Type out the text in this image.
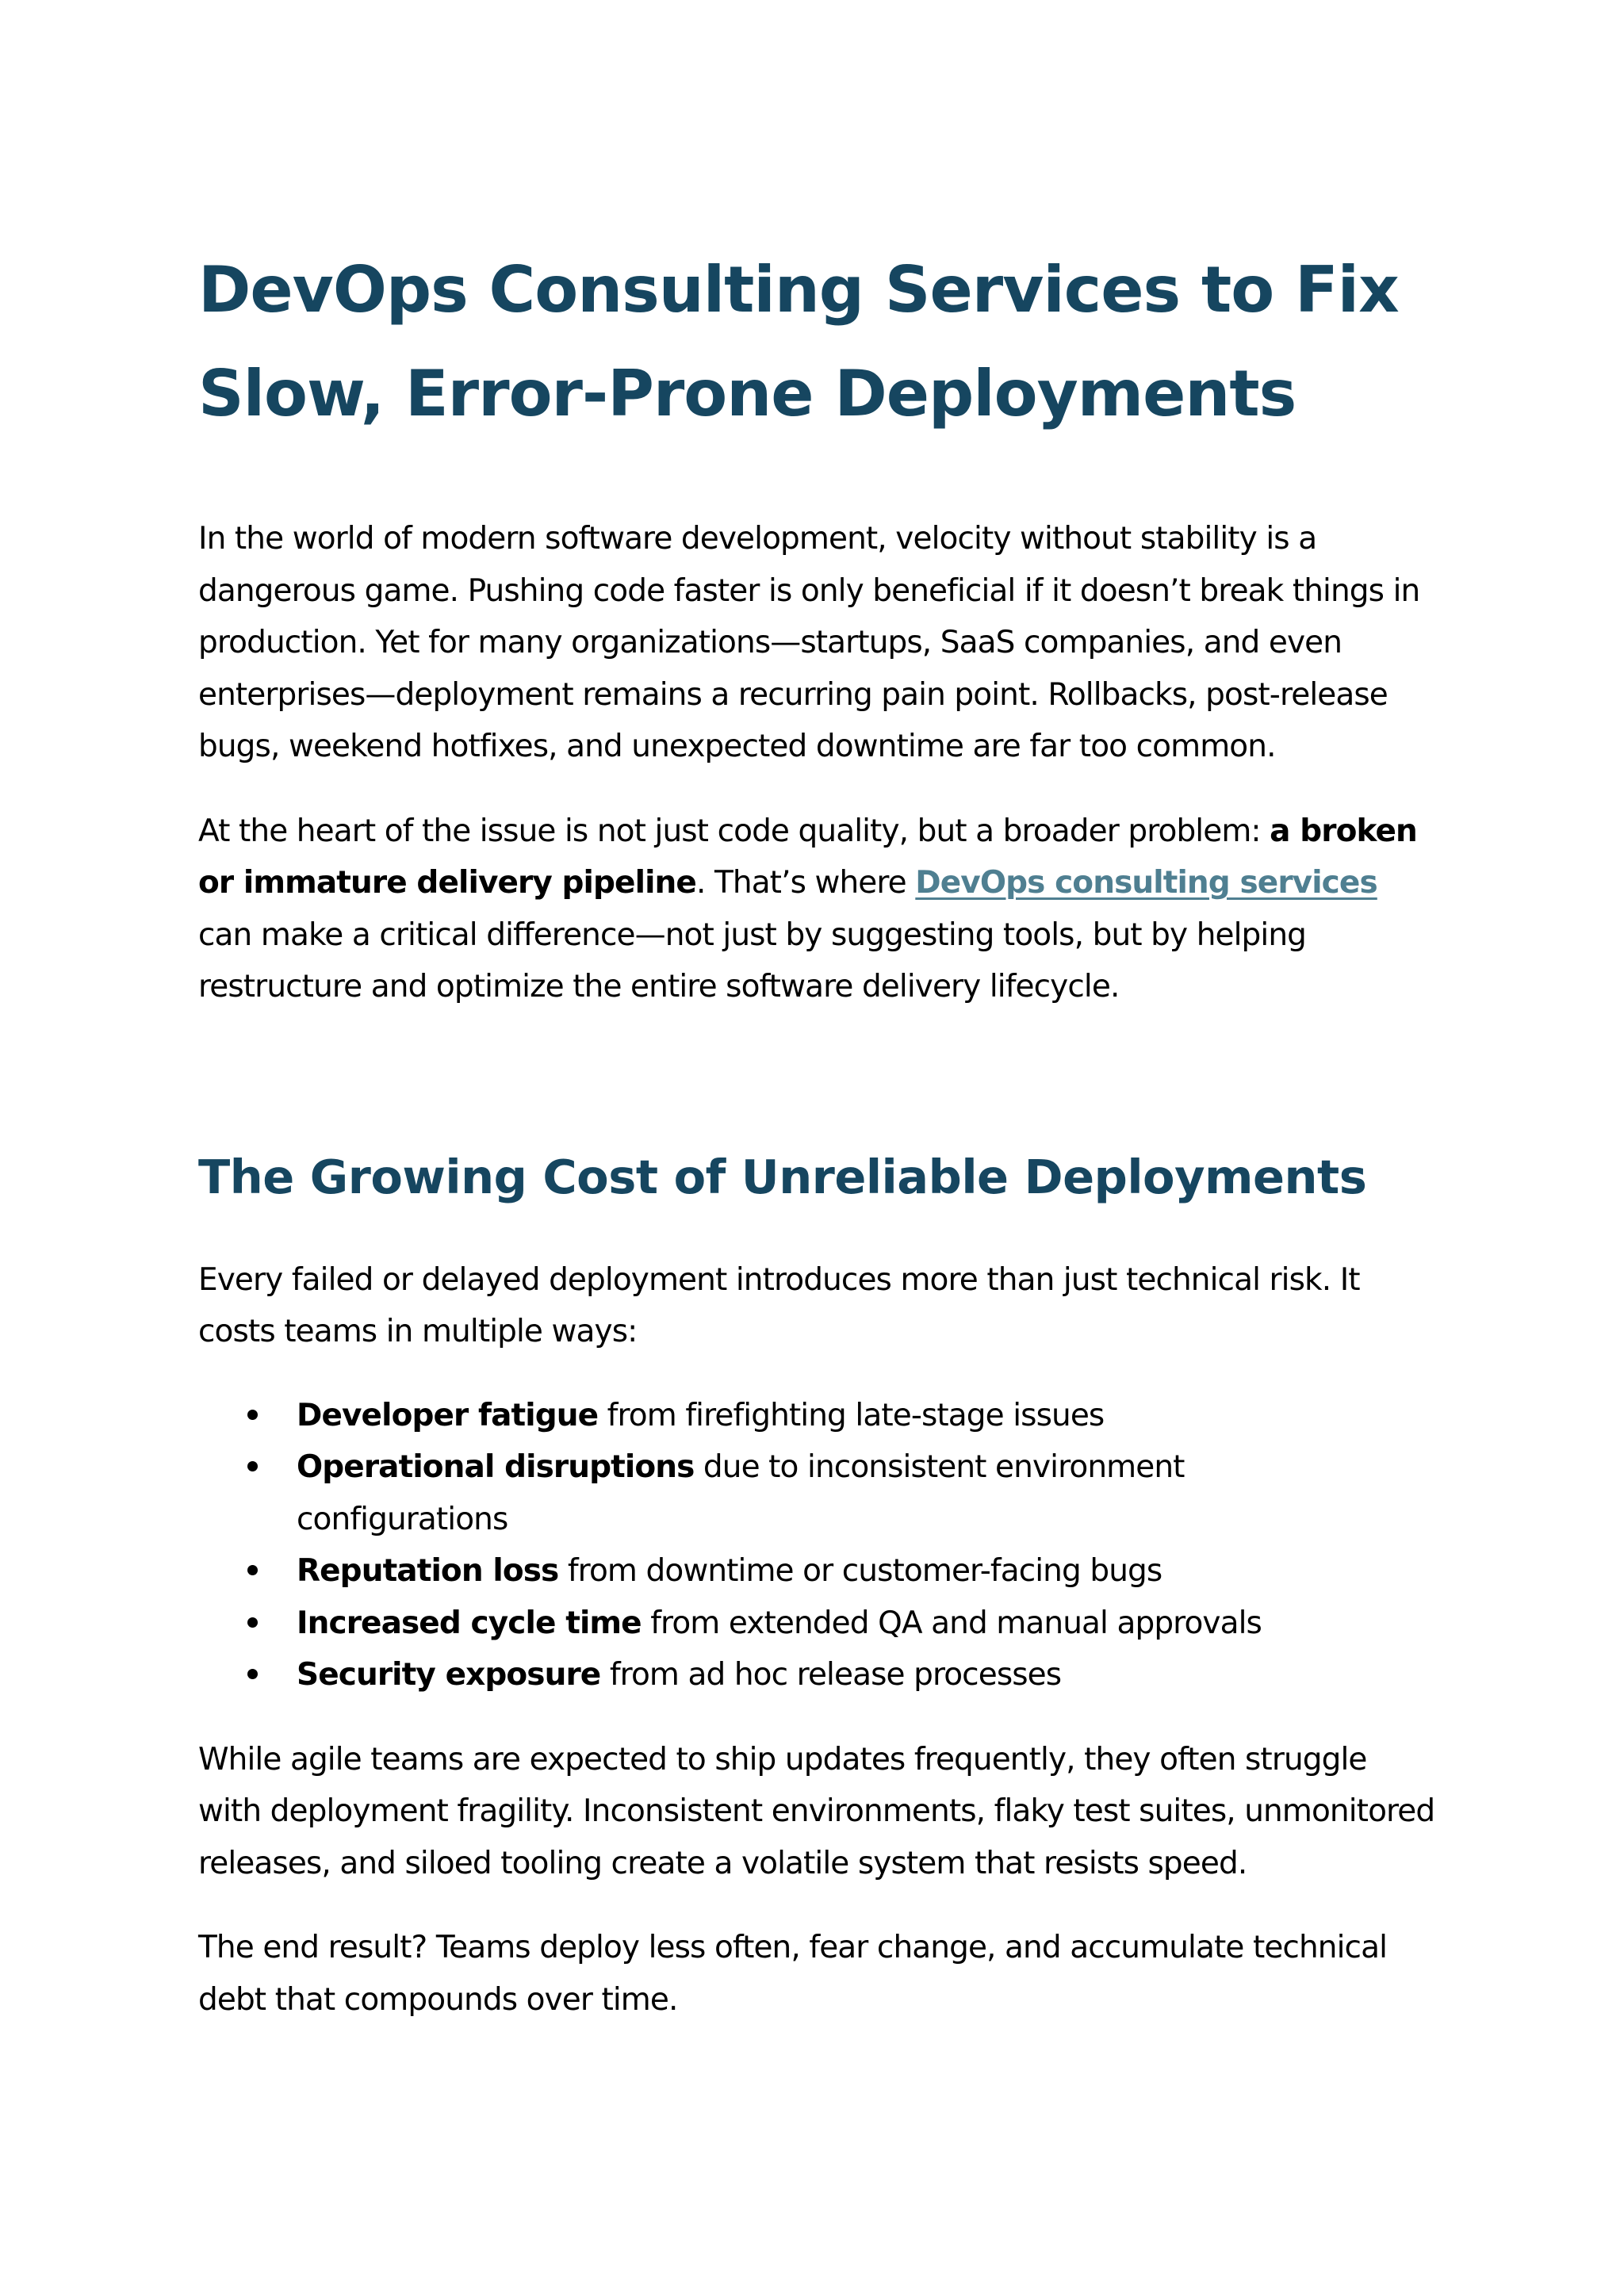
DevOps Consulting Services to Fix Slow, Error-Prone Deployments

In the world of modern software development, velocity without stability is a dangerous game. Pushing code faster is only beneficial if it doesn’t break things in production. Yet for many organizations—startups, SaaS companies, and even enterprises—deployment remains a recurring pain point. Rollbacks, post-release bugs, weekend hotfixes, and unexpected downtime are far too common.

At the heart of the issue is not just code quality, but a broader problem: a broken or immature delivery pipeline. That’s where DevOps consulting services can make a critical difference—not just by suggesting tools, but by helping restructure and optimize the entire software delivery lifecycle.

The Growing Cost of Unreliable Deployments

Every failed or delayed deployment introduces more than just technical risk. It costs teams in multiple ways:

Developer fatigue from firefighting late-stage issues
Operational disruptions due to inconsistent environment configurations
Reputation loss from downtime or customer-facing bugs
Increased cycle time from extended QA and manual approvals
Security exposure from ad hoc release processes

While agile teams are expected to ship updates frequently, they often struggle with deployment fragility. Inconsistent environments, flaky test suites, unmonitored releases, and siloed tooling create a volatile system that resists speed.

The end result? Teams deploy less often, fear change, and accumulate technical debt that compounds over time.
